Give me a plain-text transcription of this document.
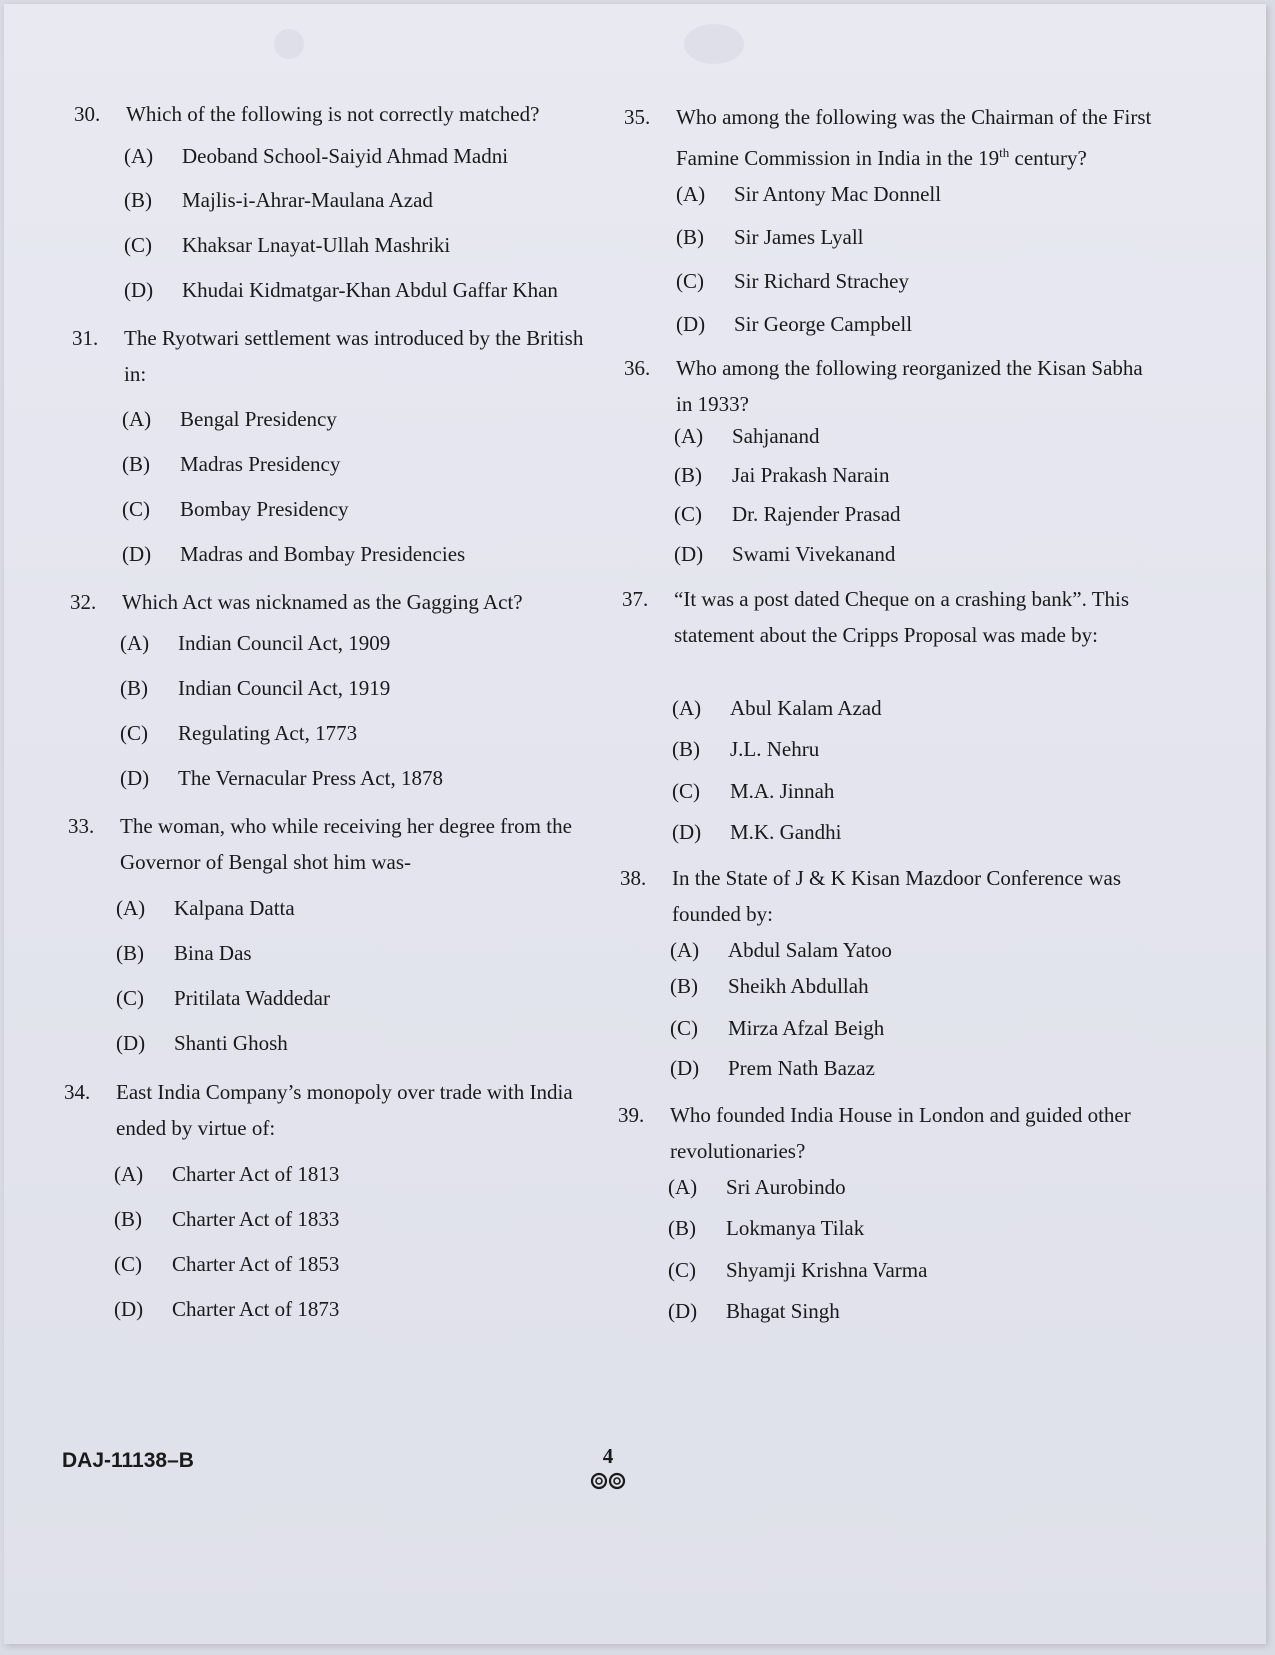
30. Which of the following is not correctly matched?
(A) Deoband School-Saiyid Ahmad Madni
(B) Majlis-i-Ahrar-Maulana Azad
(C) Khaksar Lnayat-Ullah Mashriki
(D) Khudai Kidmatgar-Khan Abdul Gaffar Khan
31. The Ryotwari settlement was introduced by the British in:
(A) Bengal Presidency
(B) Madras Presidency
(C) Bombay Presidency
(D) Madras and Bombay Presidencies
32. Which Act was nicknamed as the Gagging Act?
(A) Indian Council Act, 1909
(B) Indian Council Act, 1919
(C) Regulating Act, 1773
(D) The Vernacular Press Act, 1878
33. The woman, who while receiving her degree from the Governor of Bengal shot him was-
(A) Kalpana Datta
(B) Bina Das
(C) Pritilata Waddedar
(D) Shanti Ghosh
34. East India Company’s monopoly over trade with India ended by virtue of:
(A) Charter Act of 1813
(B) Charter Act of 1833
(C) Charter Act of 1853
(D) Charter Act of 1873
35. Who among the following was the Chairman of the First Famine Commission in India in the 19th century?
(A) Sir Antony Mac Donnell
(B) Sir James Lyall
(C) Sir Richard Strachey
(D) Sir George Campbell
36. Who among the following reorganized the Kisan Sabha in 1933?
(A) Sahjanand
(B) Jai Prakash Narain
(C) Dr. Rajender Prasad
(D) Swami Vivekanand
37. “It was a post dated Cheque on a crashing bank”. This statement about the Cripps Proposal was made by:
(A) Abul Kalam Azad
(B) J.L. Nehru
(C) M.A. Jinnah
(D) M.K. Gandhi
38. In the State of J & K Kisan Mazdoor Conference was founded by:
(A) Abdul Salam Yatoo
(B) Sheikh Abdullah
(C) Mirza Afzal Beigh
(D) Prem Nath Bazaz
39. Who founded India House in London and guided other revolutionaries?
(A) Sri Aurobindo
(B) Lokmanya Tilak
(C) Shyamji Krishna Varma
(D) Bhagat Singh
DAJ-11138–B	4
